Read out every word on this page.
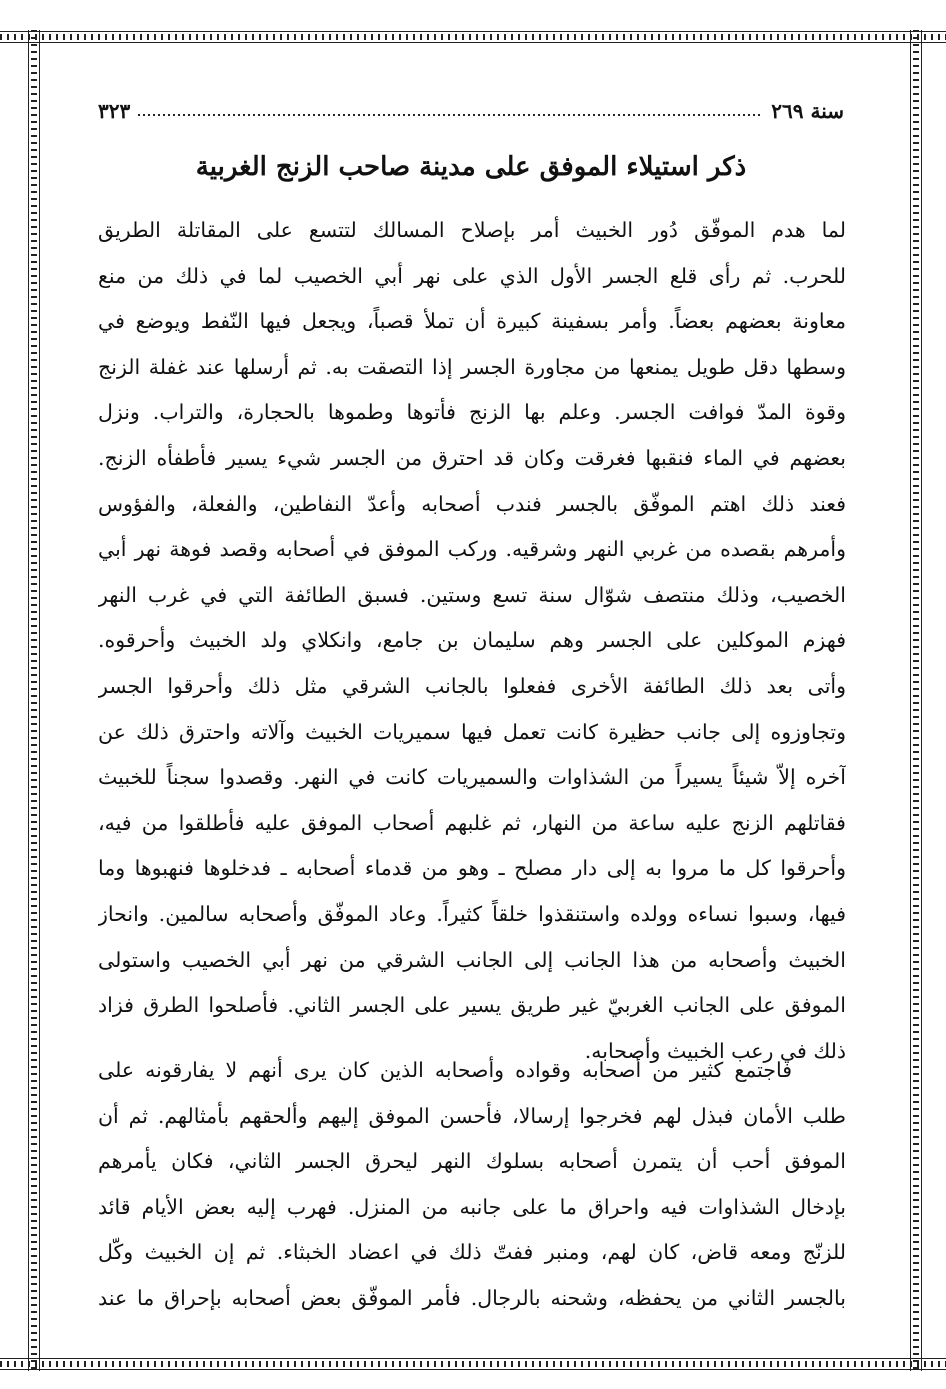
سنة ٢٦٩
٣٢٣
ذكر استيلاء الموفق على مدينة صاحب الزنج الغربية
لما هدم الموفّق دُور الخبيث أمر بإصلاح المسالك لتتسع على المقاتلة الطريق
للحرب. ثم رأى قلع الجسر الأول الذي على نهر أبي الخصيب لما في ذلك من منع
معاونة بعضهم بعضاً. وأمر بسفينة كبيرة أن تملأ قصباً، ويجعل فيها النّفط ويوضع في
وسطها دقل طويل يمنعها من مجاورة الجسر إذا التصقت به. ثم أرسلها عند غفلة الزنج
وقوة المدّ فوافت الجسر. وعلم بها الزنج فأتوها وطموها بالحجارة، والتراب. ونزل
بعضهم في الماء فنقبها فغرقت وكان قد احترق من الجسر شيء يسير فأطفأه الزنج.
فعند ذلك اهتم الموفّق بالجسر فندب أصحابه وأعدّ النفاطين، والفعلة، والفؤوس
وأمرهم بقصده من غربي النهر وشرقيه. وركب الموفق في أصحابه وقصد فوهة نهر أبي
الخصيب، وذلك منتصف شوّال سنة تسع وستين. فسبق الطائفة التي في غرب النهر
فهزم الموكلين على الجسر وهم سليمان بن جامع، وانكلاي ولد الخبيث وأحرقوه.
وأتى بعد ذلك الطائفة الأخرى ففعلوا بالجانب الشرقي مثل ذلك وأحرقوا الجسر
وتجاوزوه إلى جانب حظيرة كانت تعمل فيها سميريات الخبيث وآلاته واحترق ذلك عن
آخره إلاّ شيئاً يسيراً من الشذاوات والسميريات كانت في النهر. وقصدوا سجناً للخبيث
فقاتلهم الزنج عليه ساعة من النهار، ثم غلبهم أصحاب الموفق عليه فأطلقوا من فيه،
وأحرقوا كل ما مروا به إلى دار مصلح ـ وهو من قدماء أصحابه ـ فدخلوها فنهبوها وما
فيها، وسبوا نساءه وولده واستنقذوا خلقاً كثيراً. وعاد الموفّق وأصحابه سالمين. وانحاز
الخبيث وأصحابه من هذا الجانب إلى الجانب الشرقي من نهر أبي الخصيب واستولى
الموفق على الجانب الغربيّ غير طريق يسير على الجسر الثاني. فأصلحوا الطرق فزاد
ذلك في رعب الخبيث وأصحابه.
فاجتمع كثير من أصحابه وقواده وأصحابه الذين كان يرى أنهم لا يفارقونه على
طلب الأمان فبذل لهم فخرجوا إرسالا، فأحسن الموفق إليهم وألحقهم بأمثالهم. ثم أن
الموفق أحب أن يتمرن أصحابه بسلوك النهر ليحرق الجسر الثاني، فكان يأمرهم
بإدخال الشذاوات فيه واحراق ما على جانبه من المنزل. فهرب إليه بعض الأيام قائد
للزنّج ومعه قاض، كان لهم، ومنبر ففتّ ذلك في اعضاد الخبثاء. ثم إن الخبيث وكّل
بالجسر الثاني من يحفظه، وشحنه بالرجال. فأمر الموفّق بعض أصحابه بإحراق ما عند
